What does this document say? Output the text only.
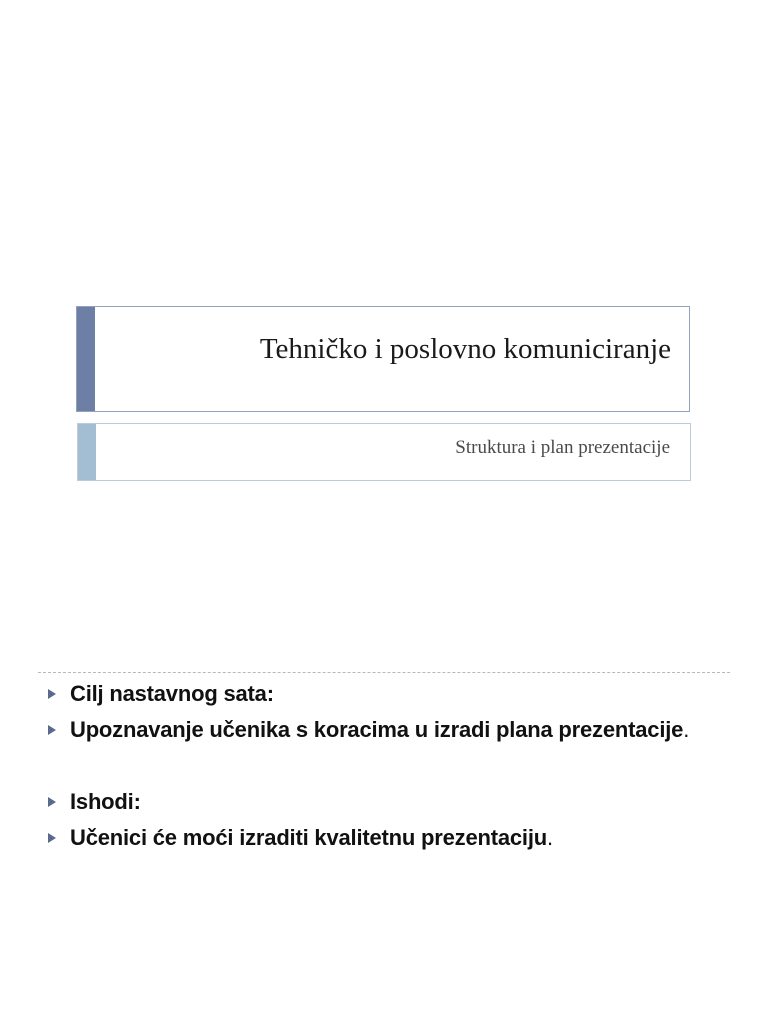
Tehničko i poslovno komuniciranje
Struktura i plan prezentacije
Cilj nastavnog sata:
Upoznavanje učenika s koracima u izradi plana prezentacije.
Ishodi:
Učenici će moći izraditi kvalitetnu prezentaciju.
